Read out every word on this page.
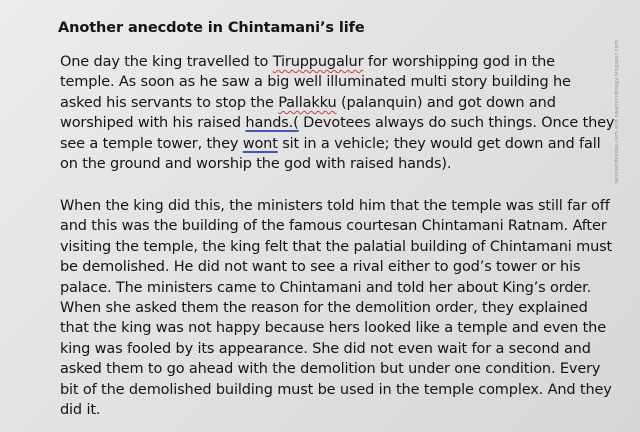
Another anecdote in Chintamani’s life
One day the king travelled to Tiruppugalur for worshipping god in the
temple. As soon as he saw a big well illuminated multi story building he
asked his servants to stop the Pallakku (palanquin) and got down and
worshiped with his raised hands.( Devotees always do such things. Once they
see a temple tower, they wont sit in a vehicle; they would get down and fall
on the ground and worship the god with raised hands).
When the king did this, the ministers told him that the temple was still far off
and this was the building of the famous courtesan Chintamani Ratnam. After
visiting the temple, the king felt that the palatial building of Chintamani must
be demolished. He did not want to see a rival either to god’s tower or his
palace. The ministers came to Chintamani and told her about King’s order.
When she asked them the reason for the demolition order, they explained
that the king was not happy because hers looked like a temple and even the
king was fooled by its appearance. She did not even wait for a second and
asked them to go ahead with the demolition but under one condition. Every
bit of the demolished building must be used in the temple complex. And they
did it.
tamilandvedas.com and swamiindology.blogspot.com
